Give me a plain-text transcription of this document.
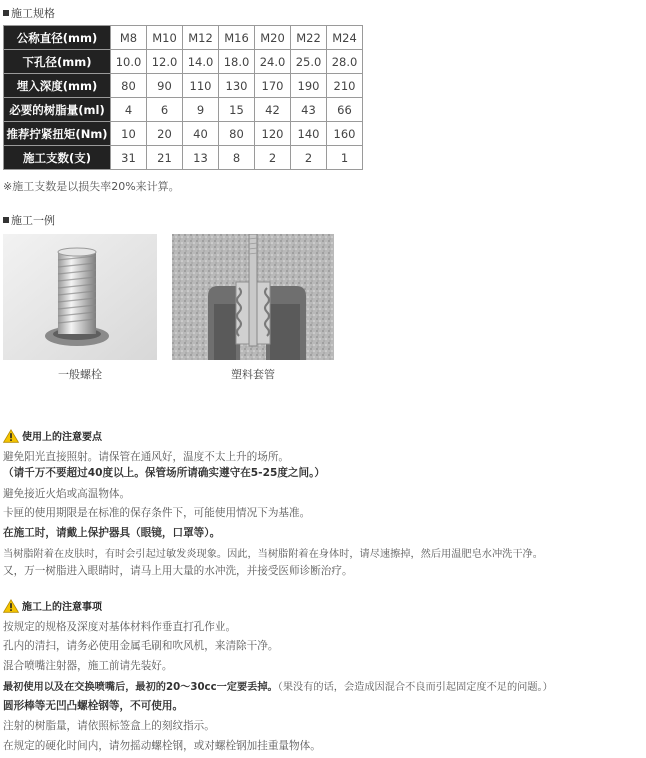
施工规格
公称直径(mm)	M8	M10	M12	M16	M20	M22	M24
下孔径(mm)	10.0	12.0	14.0	18.0	24.0	25.0	28.0
埋入深度(mm)	80	90	110	130	170	190	210
必要的树脂量(ml)	4	6	9	15	42	43	66
推荐拧紧扭矩(Nm)	10	20	40	80	120	140	160
施工支数(支)	31	21	13	8	2	2	1
※施工支数是以损失率20%来计算。
施工一例
一般螺栓	塑料套管
使用上的注意要点
避免阳光直接照射。请保管在通风好，温度不太上升的场所。
（请千万不要超过40度以上。保管场所请确实遵守在5-25度之间。）
避免接近火焰或高温物体。
卡匣的使用期限是在标准的保存条件下，可能使用情况下为基准。
在施工时，请戴上保护器具（眼镜，口罩等）。
当树脂附着在皮肤时，有时会引起过敏发炎现象。因此，当树脂附着在身体时，请尽速擦掉，然后用温肥皂水冲洗干净。
又，万一树脂进入眼睛时，请马上用大量的水冲洗，并接受医师诊断治疗。
施工上的注意事项
按规定的规格及深度对基体材料作垂直打孔作业。
孔内的清扫，请务必使用金属毛刷和吹风机，来清除干净。
混合喷嘴注射器，施工前请先装好。
最初使用以及在交换喷嘴后，最初的20～30cc一定要丢掉。（果没有的话，会造成因混合不良而引起固定度不足的问题。）
圆形棒等无凹凸螺栓钢等，不可使用。
注射的树脂量，请依照标签盒上的刻纹指示。
在规定的硬化时间内，请勿摇动螺栓钢，或对螺栓钢加挂重量物体。
